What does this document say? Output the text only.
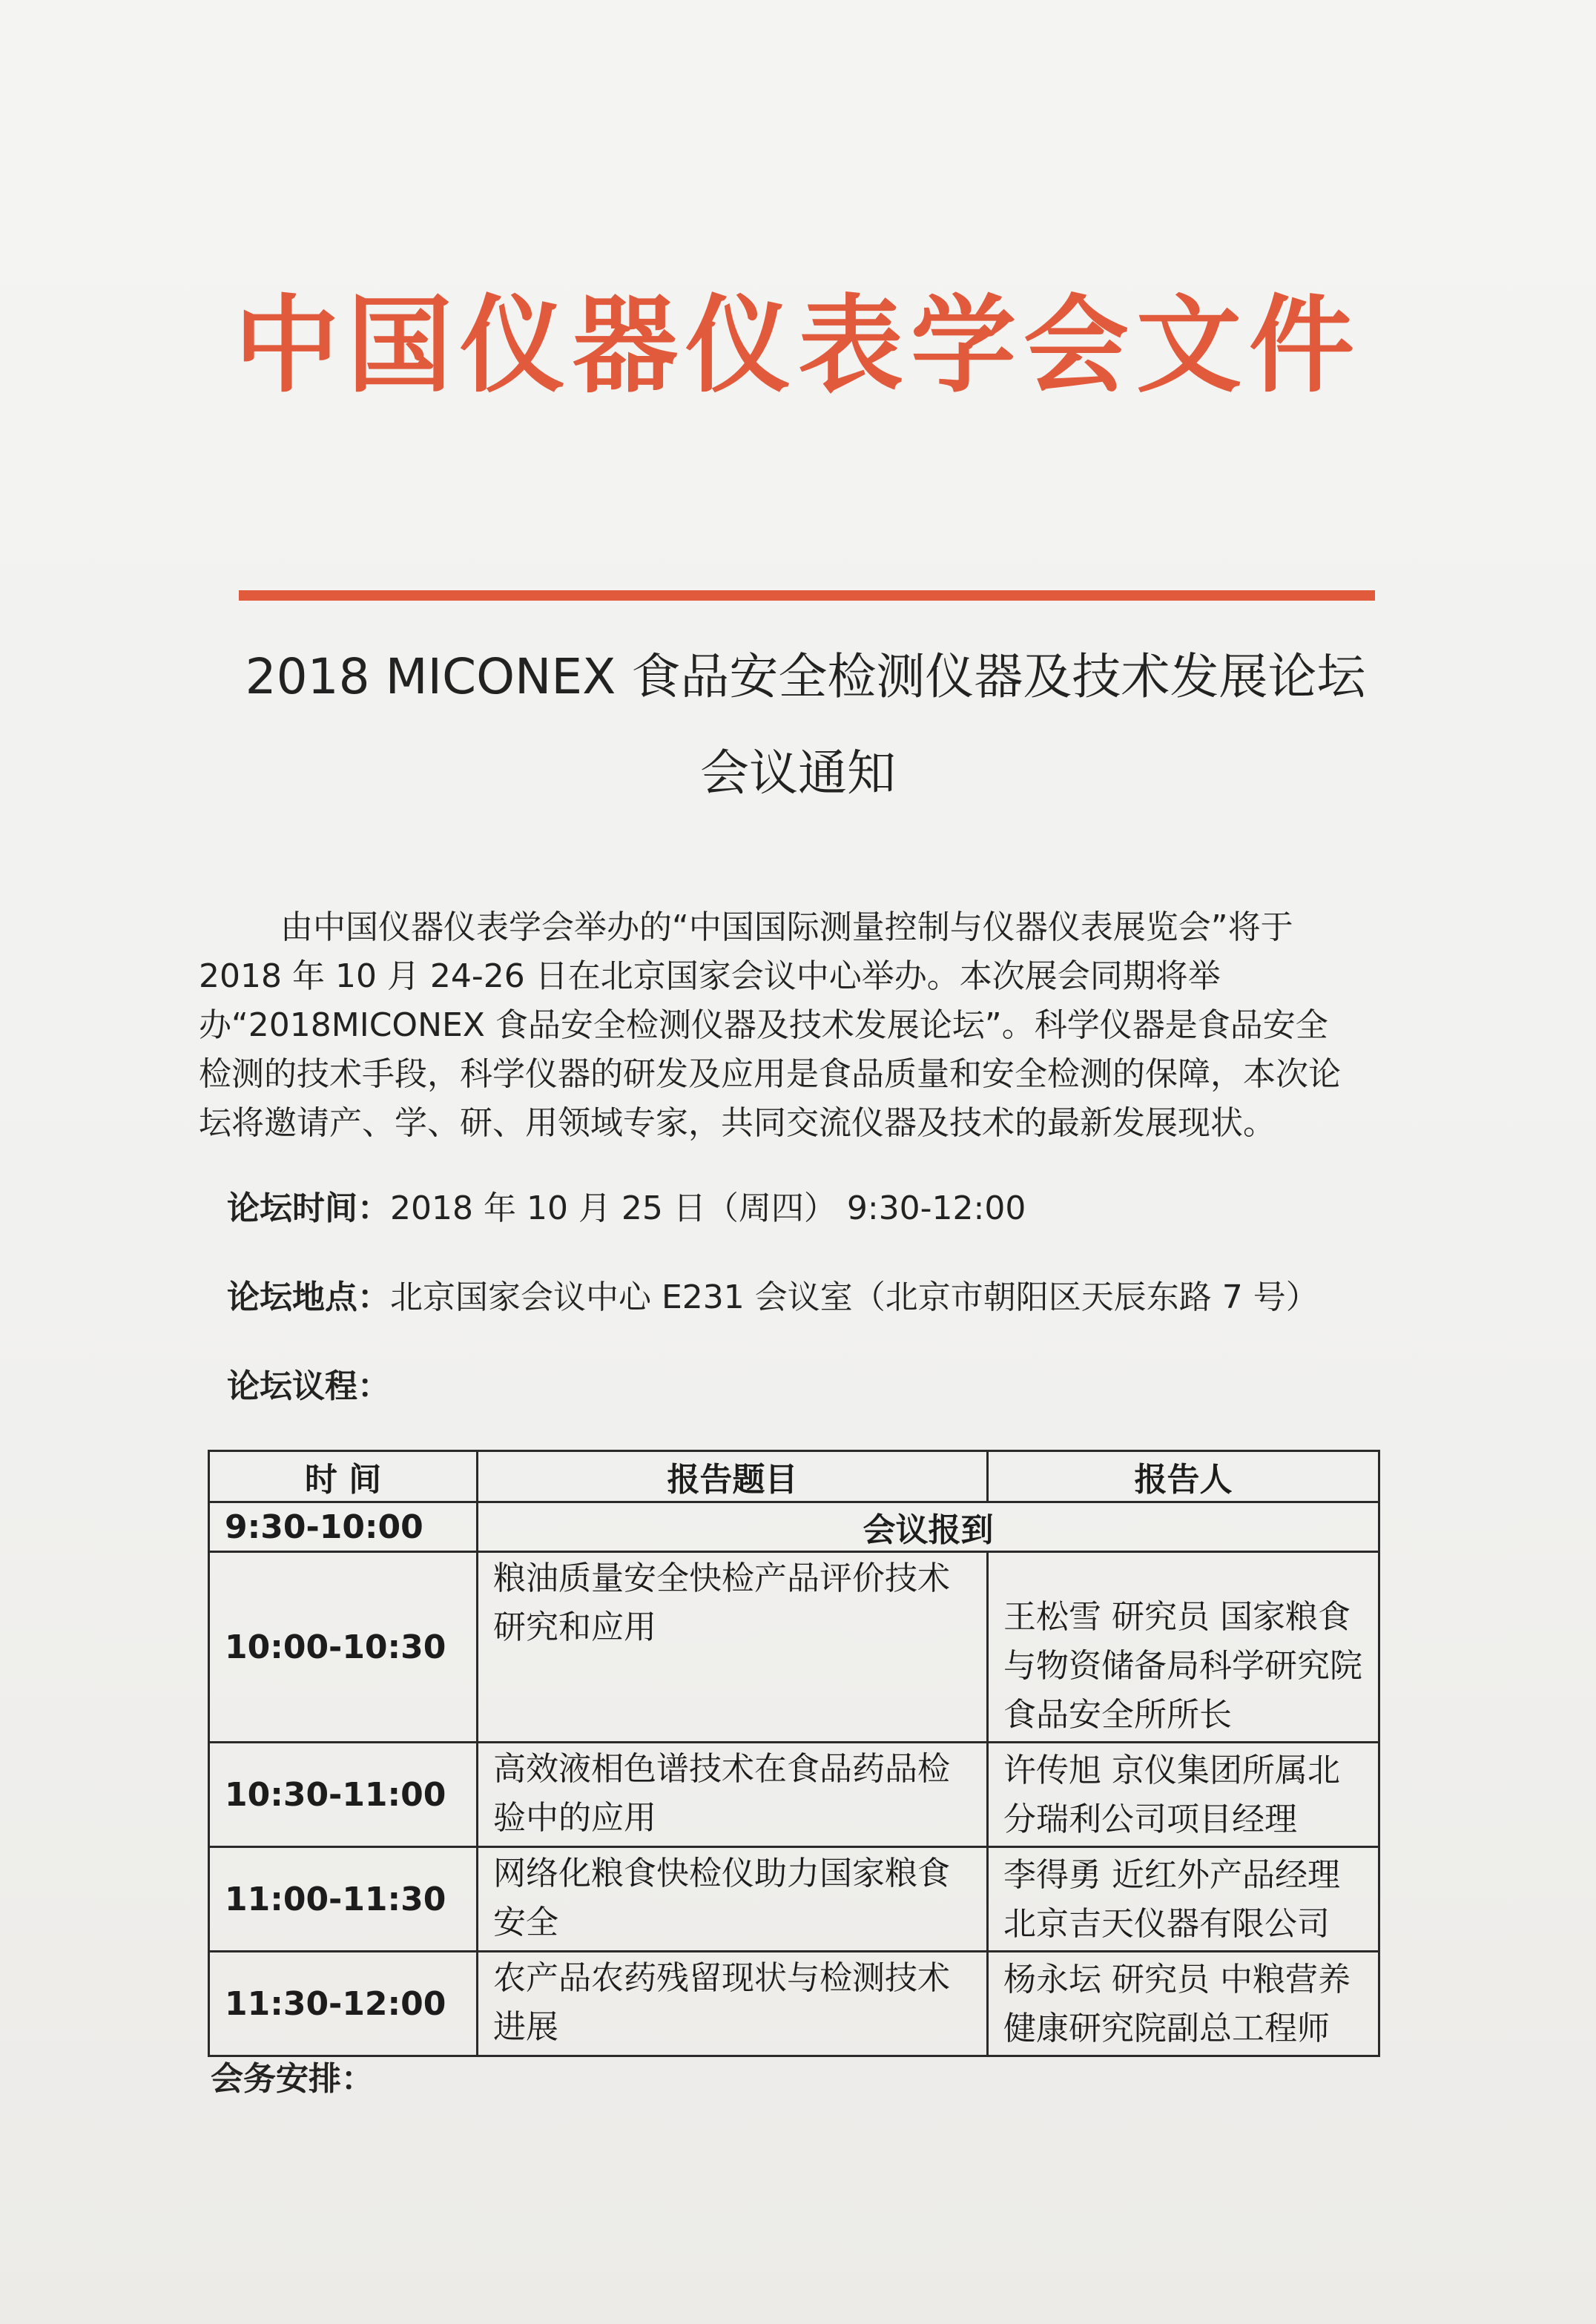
中国仪器仪表学会文件
2018 MICONEX 食品安全检测仪器及技术发展论坛
会议通知

由中国仪器仪表学会举办的“中国国际测量控制与仪器仪表展览会”将于2018 年 10 月 24-26 日在北京国家会议中心举办。本次展会同期将举办“2018MICONEX 食品安全检测仪器及技术发展论坛”。科学仪器是食品安全检测的技术手段，科学仪器的研发及应用是食品质量和安全检测的保障，本次论坛将邀请产、学、研、用领域专家，共同交流仪器及技术的最新发展现状。

论坛时间：2018 年 10 月 25 日（周四） 9:30-12:00
论坛地点：北京国家会议中心 E231 会议室（北京市朝阳区天辰东路 7 号）
论坛议程：
时 间	报告题目	报告人
9:30-10:00	会议报到	
10:00-10:30	粮油质量安全快检产品评价技术研究和应用	王松雪 研究员 国家粮食与物资储备局科学研究院食品安全所所长
10:30-11:00	高效液相色谱技术在食品药品检验中的应用	许传旭 京仪集团所属北分瑞利公司项目经理
11:00-11:30	网络化粮食快检仪助力国家粮食安全	李得勇 近红外产品经理北京吉天仪器有限公司
11:30-12:00	农产品农药残留现状与检测技术进展	杨永坛 研究员 中粮营养健康研究院副总工程师
会务安排：
